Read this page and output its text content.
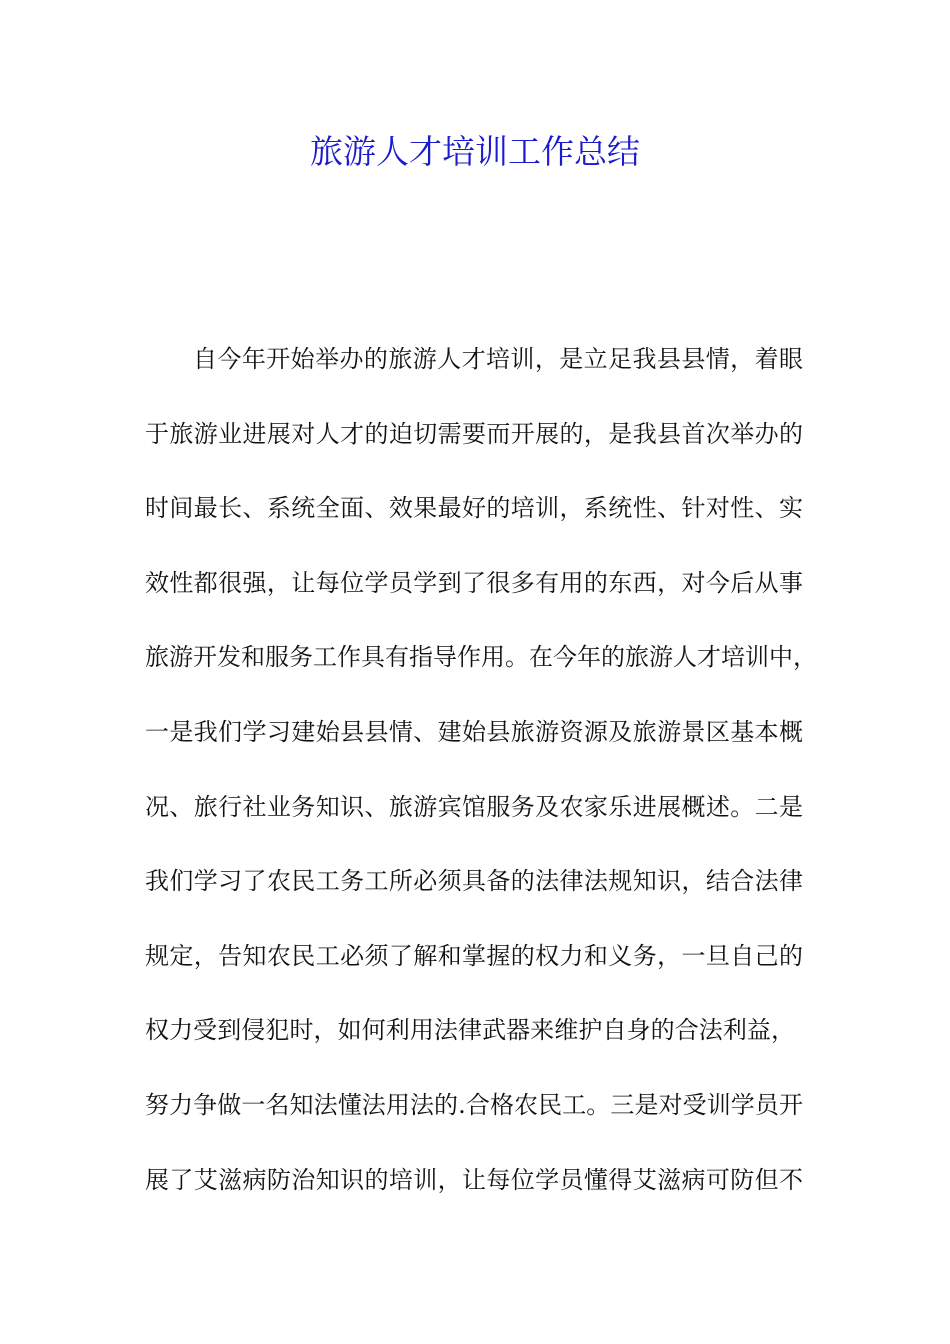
旅游人才培训工作总结
自今年开始举办的旅游人才培训，是立足我县县情，着眼
于旅游业进展对人才的迫切需要而开展的，是我县首次举办的
时间最长、系统全面、效果最好的培训，系统性、针对性、实
效性都很强，让每位学员学到了很多有用的东西，对今后从事
旅游开发和服务工作具有指导作用。在今年的旅游人才培训中，
一是我们学习建始县县情、建始县旅游资源及旅游景区基本概
况、旅行社业务知识、旅游宾馆服务及农家乐进展概述。二是
我们学习了农民工务工所必须具备的法律法规知识，结合法律
规定，告知农民工必须了解和掌握的权力和义务，一旦自己的
权力受到侵犯时，如何利用法律武器来维护自身的合法利益，
努力争做一名知法懂法用法的.合格农民工。三是对受训学员开
展了艾滋病防治知识的培训，让每位学员懂得艾滋病可防但不
